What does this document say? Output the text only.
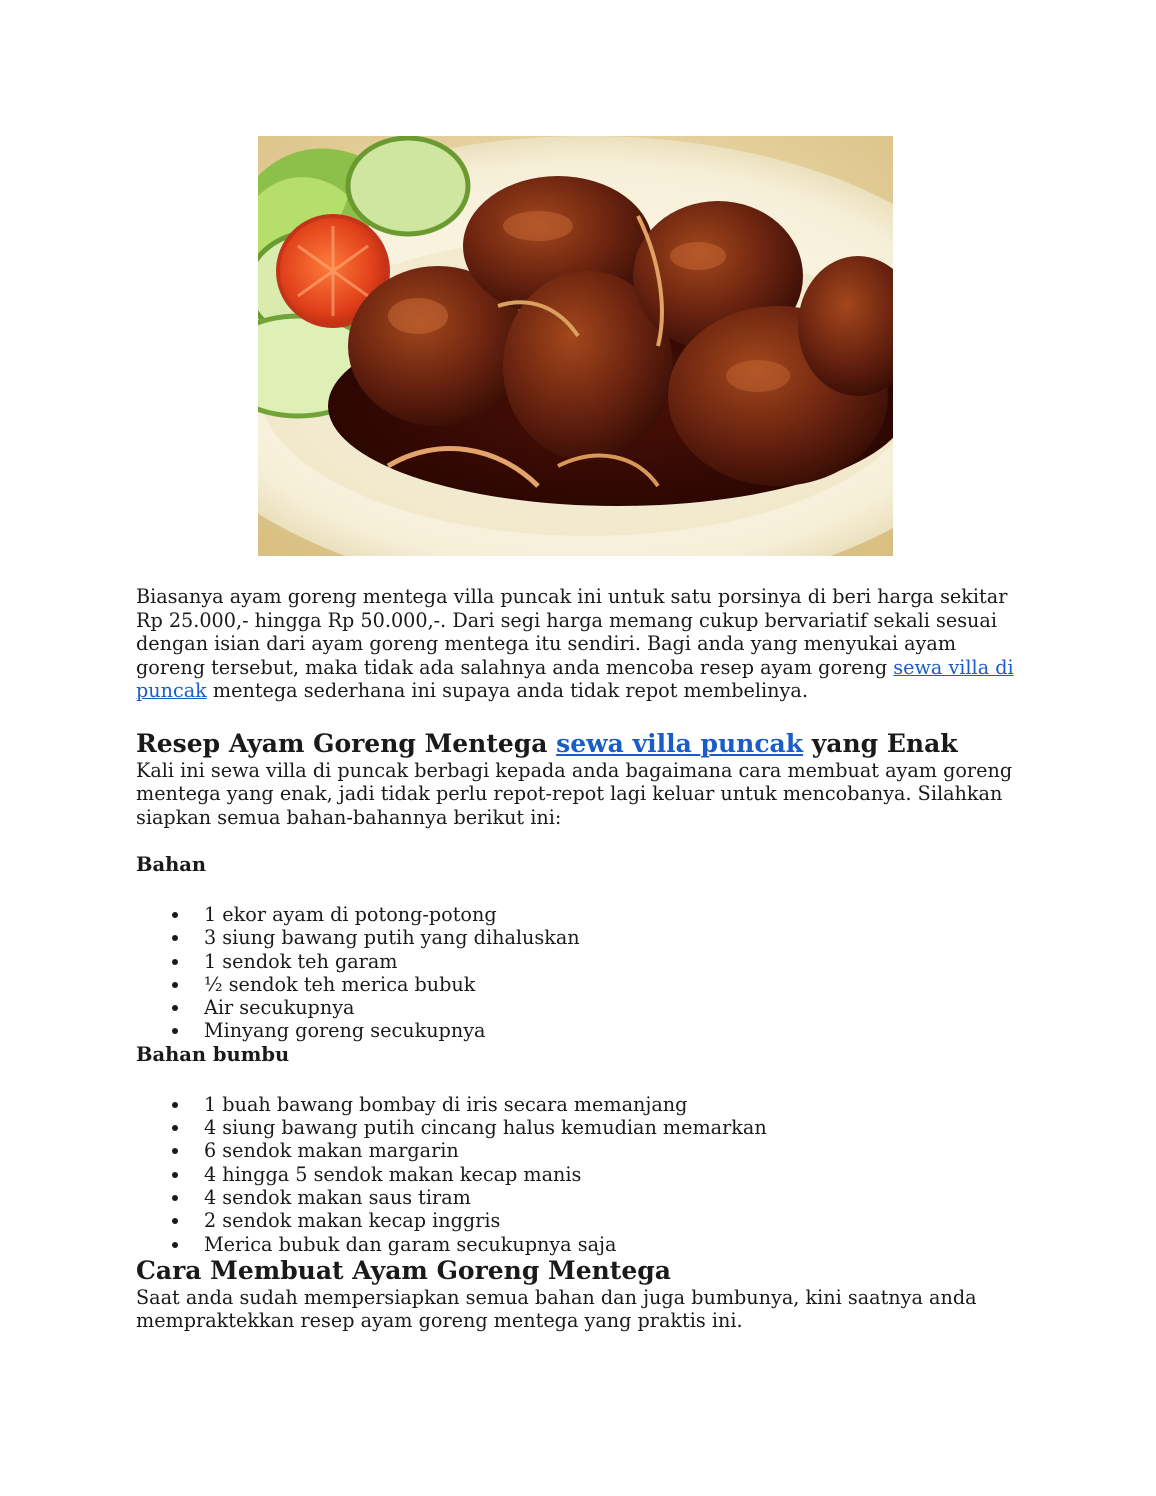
Biasanya ayam goreng mentega villa puncak ini untuk satu porsinya di beri harga sekitar Rp 25.000,- hingga Rp 50.000,-. Dari segi harga memang cukup bervariatif sekali sesuai dengan isian dari ayam goreng mentega itu sendiri. Bagi anda yang menyukai ayam goreng tersebut, maka tidak ada salahnya anda mencoba resep ayam goreng sewa villa di puncak mentega sederhana ini supaya anda tidak repot membelinya.

Resep Ayam Goreng Mentega sewa villa puncak yang Enak

Kali ini sewa villa di puncak berbagi kepada anda bagaimana cara membuat ayam goreng mentega yang enak, jadi tidak perlu repot-repot lagi keluar untuk mencobanya. Silahkan siapkan semua bahan-bahannya berikut ini:

Bahan
1 ekor ayam di potong-potong
3 siung bawang putih yang dihaluskan
1 sendok teh garam
½ sendok teh merica bubuk
Air secukupnya
Minyang goreng secukupnya
Bahan bumbu
1 buah bawang bombay di iris secara memanjang
4 siung bawang putih cincang halus kemudian memarkan
6 sendok makan margarin
4 hingga 5 sendok makan kecap manis
4 sendok makan saus tiram
2 sendok makan kecap inggris
Merica bubuk dan garam secukupnya saja
Cara Membuat Ayam Goreng Mentega

Saat anda sudah mempersiapkan semua bahan dan juga bumbunya, kini saatnya anda mempraktekkan resep ayam goreng mentega yang praktis ini.
